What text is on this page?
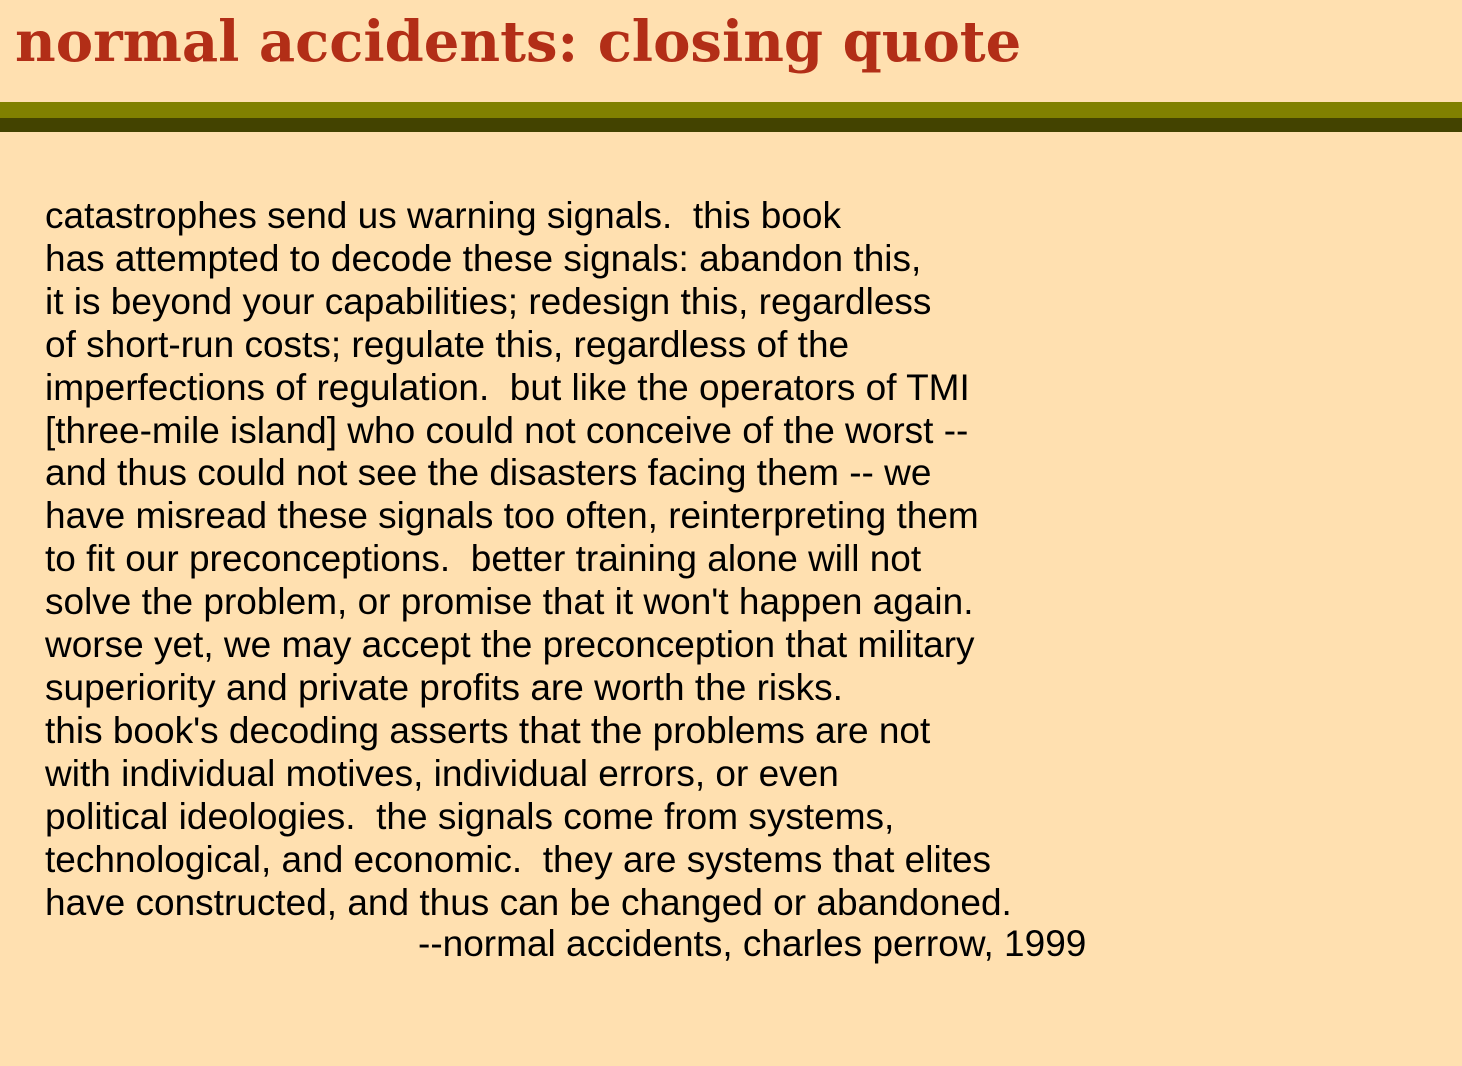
normal accidents: closing quote
catastrophes send us warning signals.  this book
has attempted to decode these signals: abandon this,
it is beyond your capabilities; redesign this, regardless
of short-run costs; regulate this, regardless of the
imperfections of regulation.  but like the operators of TMI
[three-mile island] who could not conceive of the worst --
and thus could not see the disasters facing them -- we
have misread these signals too often, reinterpreting them
to fit our preconceptions.  better training alone will not
solve the problem, or promise that it won't happen again.
worse yet, we may accept the preconception that military
superiority and private profits are worth the risks.
this book's decoding asserts that the problems are not
with individual motives, individual errors, or even
political ideologies.  the signals come from systems,
technological, and economic.  they are systems that elites
have constructed, and thus can be changed or abandoned.

--normal accidents, charles perrow, 1999
